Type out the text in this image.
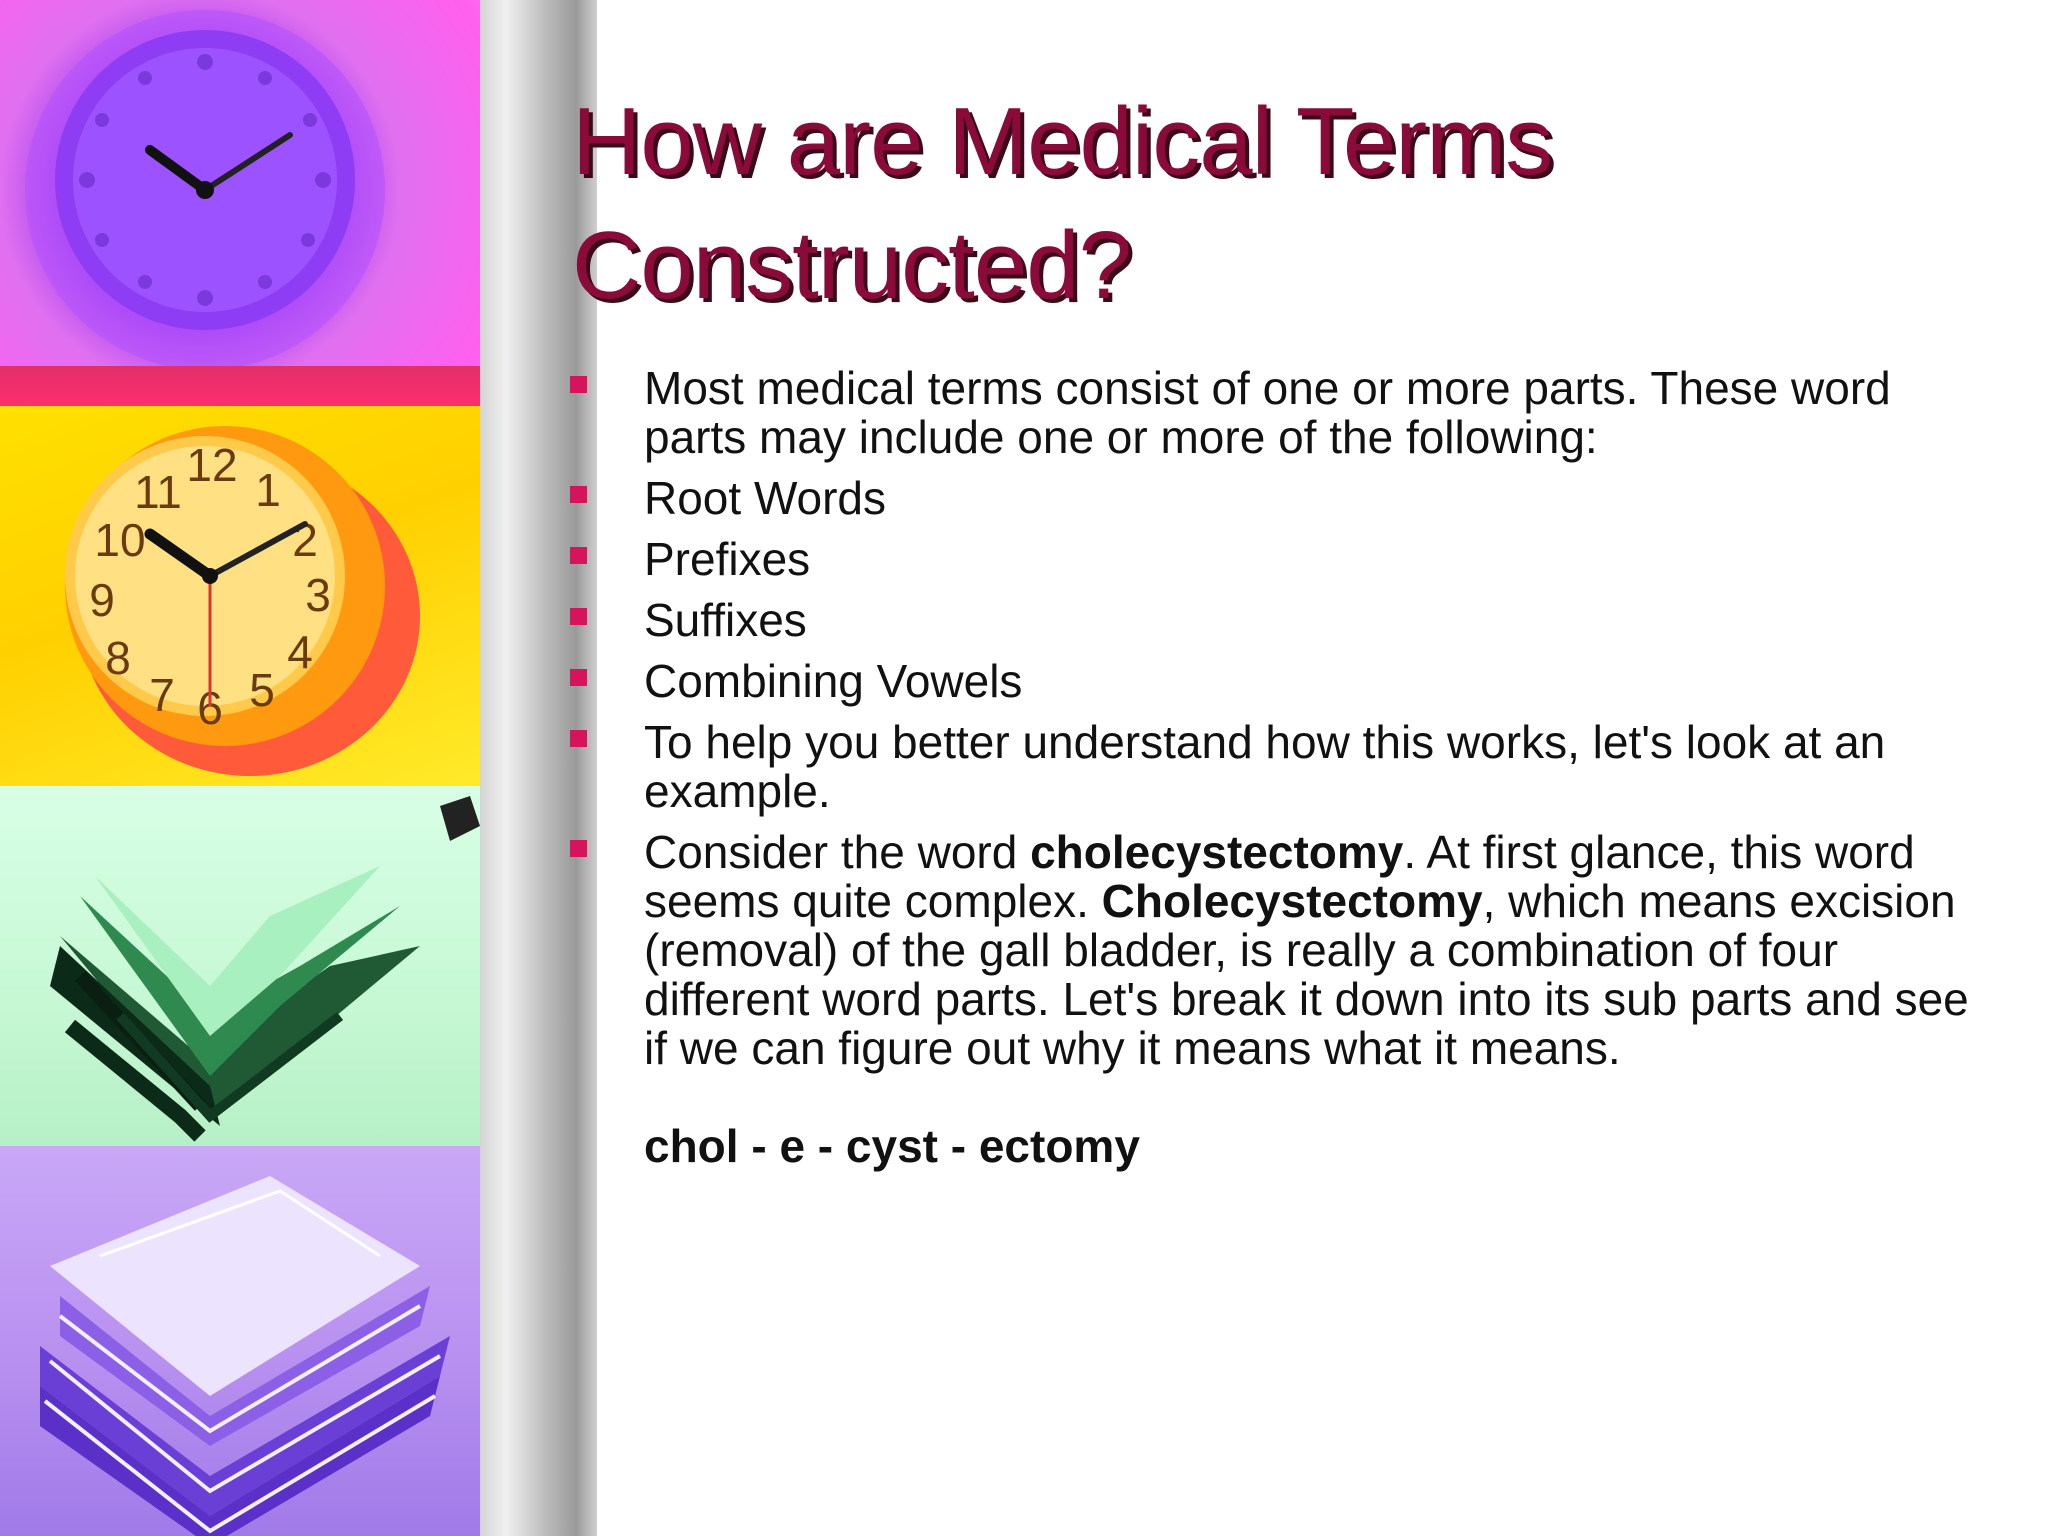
12 1
2
3
4
5
6
7
8
9
10
11
How are Medical Terms
Constructed?
Most medical terms consist of one or more parts. These word parts may include one or more of the following:
Root Words
Prefixes
Suffixes
Combining Vowels
To help you better understand how this works, let's look at an example.
Consider the word cholecystectomy. At first glance, this word seems quite complex. Cholecystectomy, which means excision (removal) of the gall bladder, is really a combination of four different word parts. Let's break it down into its sub parts and see if we can figure out why it means what it means.
chol - e - cyst - ectomy
